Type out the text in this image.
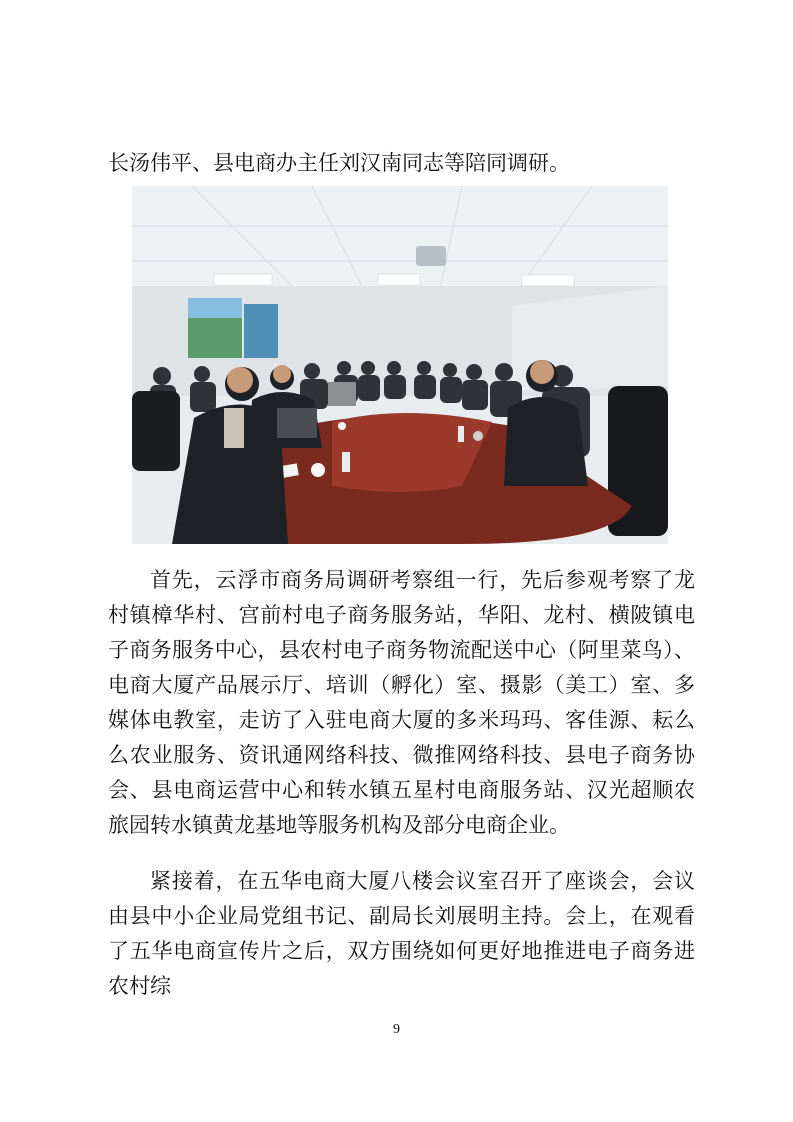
长汤伟平、县电商办主任刘汉南同志等陪同调研。

首先，云浮市商务局调研考察组一行，先后参观考察了龙村镇樟华村、宫前村电子商务服务站，华阳、龙村、横陂镇电子商务服务中心，县农村电子商务物流配送中心（阿里菜鸟）、电商大厦产品展示厅、培训（孵化）室、摄影（美工）室、多媒体电教室，走访了入驻电商大厦的多米玛玛、客佳源、耘么么农业服务、资讯通网络科技、微推网络科技、县电子商务协会、县电商运营中心和转水镇五星村电商服务站、汉光超顺农旅园转水镇黄龙基地等服务机构及部分电商企业。

紧接着，在五华电商大厦八楼会议室召开了座谈会，会议由县中小企业局党组书记、副局长刘展明主持。会上，在观看了五华电商宣传片之后，双方围绕如何更好地推进电子商务进农村综

9
